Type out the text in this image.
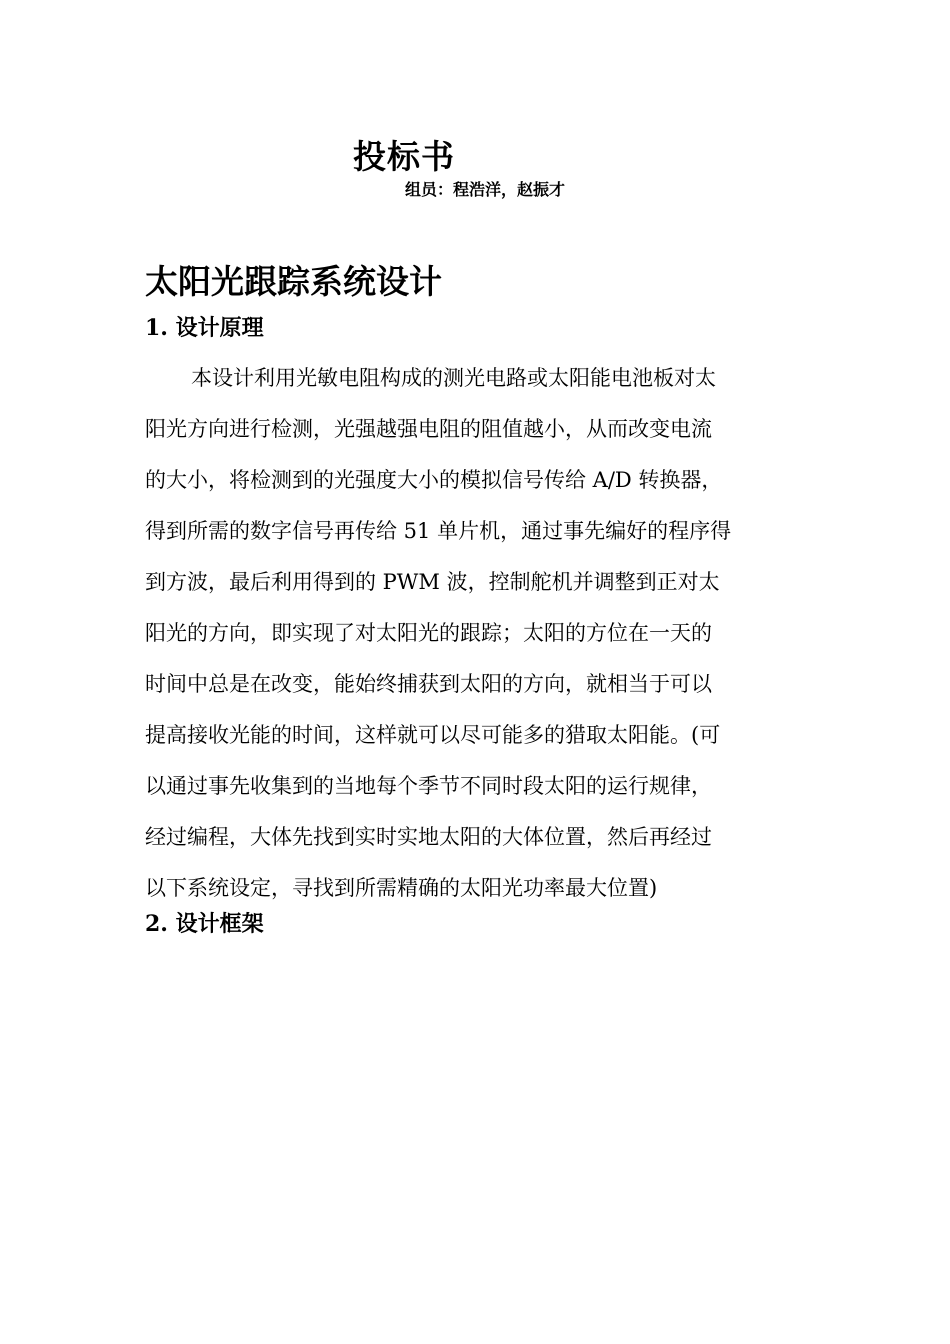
投标书
组员：程浩洋，赵振才
太阳光跟踪系统设计
1. 设计原理
本设计利用光敏电阻构成的测光电路或太阳能电池板对太
阳光方向进行检测，光强越强电阻的阻值越小，从而改变电流
的大小，将检测到的光强度大小的模拟信号传给 A/D 转换器，
得到所需的数字信号再传给 51 单片机，通过事先编好的程序得
到方波，最后利用得到的 PWM 波，控制舵机并调整到正对太
阳光的方向，即实现了对太阳光的跟踪；太阳的方位在一天的
时间中总是在改变，能始终捕获到太阳的方向，就相当于可以
提高接收光能的时间，这样就可以尽可能多的猎取太阳能。(可
以通过事先收集到的当地每个季节不同时段太阳的运行规律，
经过编程，大体先找到实时实地太阳的大体位置，然后再经过
以下系统设定，寻找到所需精确的太阳光功率最大位置)
2. 设计框架
